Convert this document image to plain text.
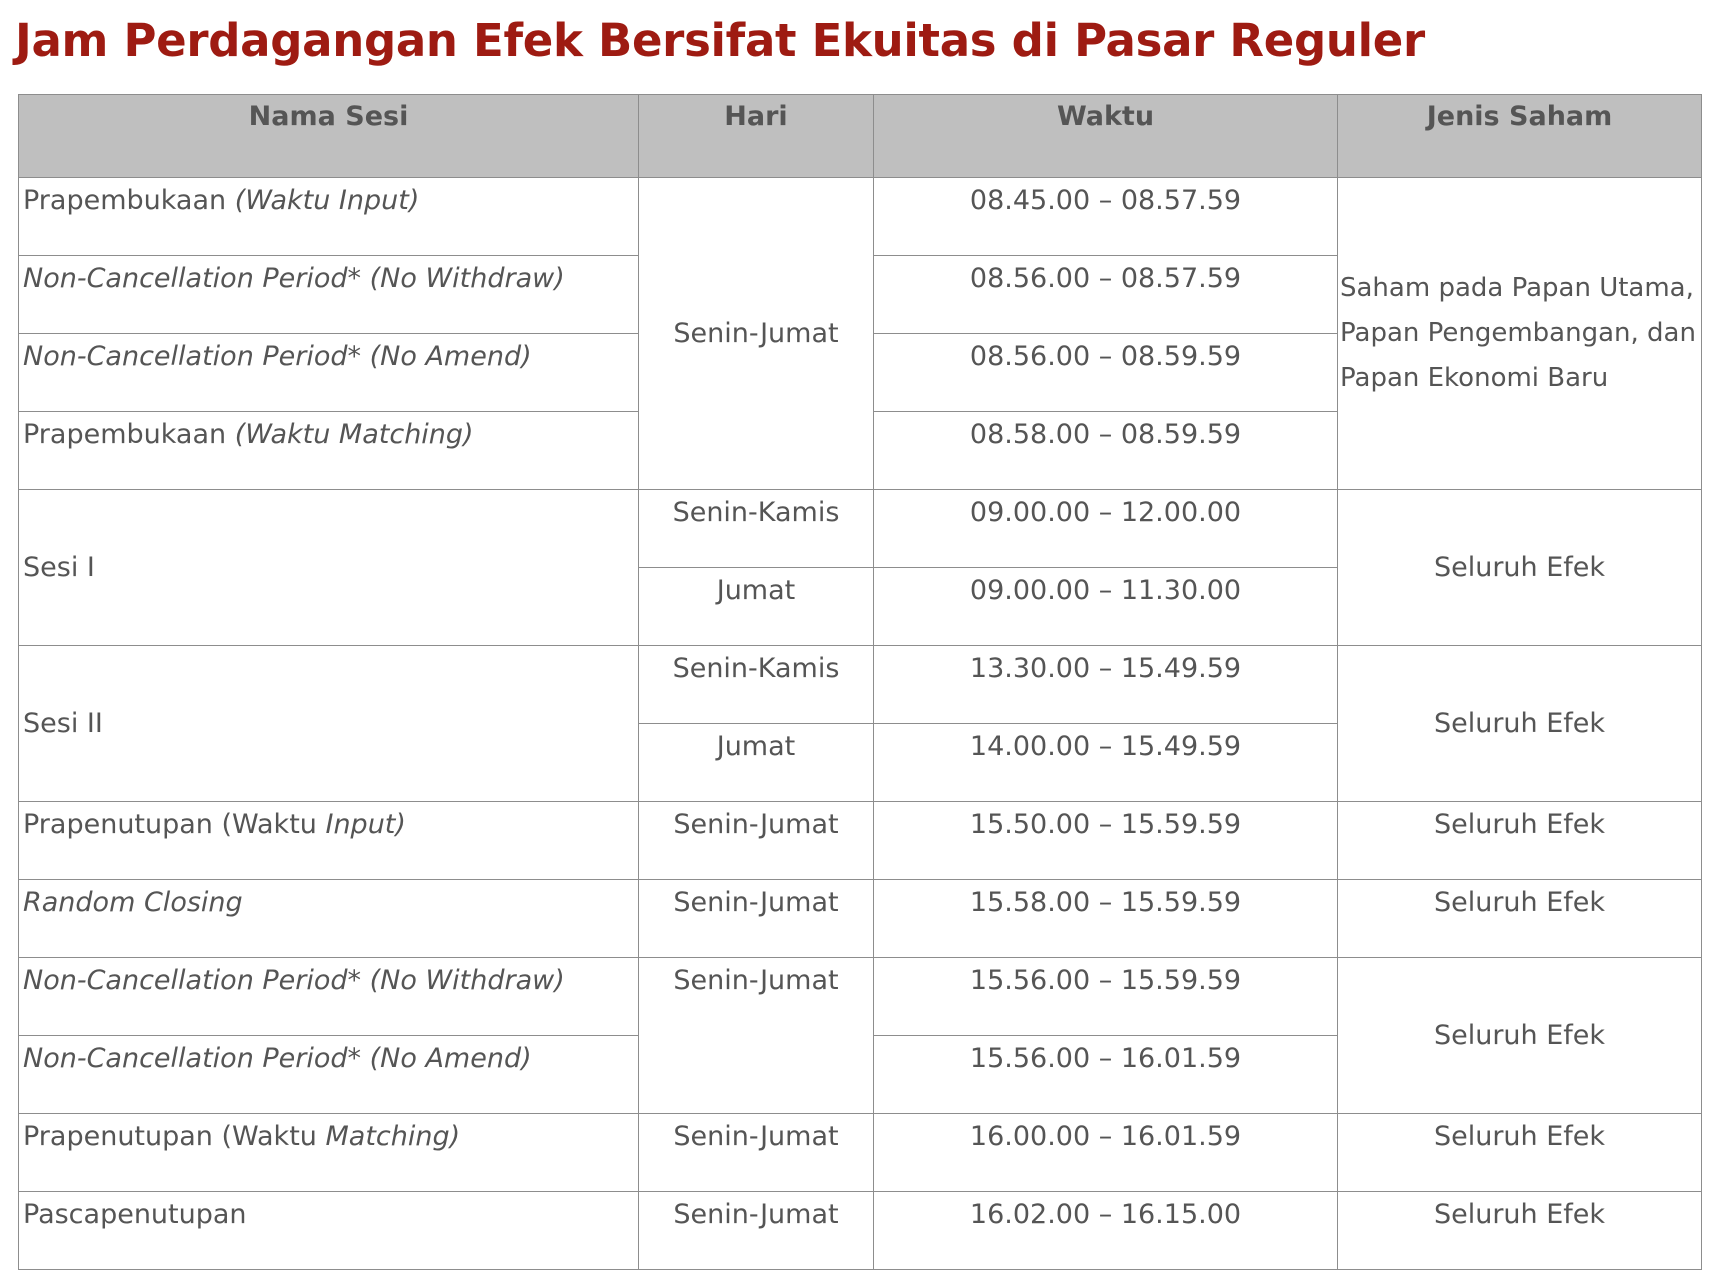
Jam Perdagangan Efek Bersifat Ekuitas di Pasar Reguler
Nama Sesi	Hari	Waktu	Jenis Saham
Prapembukaan (Waktu Input)	Senin-Jumat	08.45.00 – 08.57.59	Saham pada Papan Utama, Papan Pengembangan, dan Papan Ekonomi Baru
Non-Cancellation Period* (No Withdraw)		08.56.00 – 08.57.59	
Non-Cancellation Period* (No Amend)		08.56.00 – 08.59.59	
Prapembukaan (Waktu Matching)		08.58.00 – 08.59.59	
Sesi I	Senin-Kamis	09.00.00 – 12.00.00	Seluruh Efek
	Jumat	09.00.00 – 11.30.00	
Sesi II	Senin-Kamis	13.30.00 – 15.49.59	Seluruh Efek
	Jumat	14.00.00 – 15.49.59	
Prapenutupan (Waktu Input)	Senin-Jumat	15.50.00 – 15.59.59	Seluruh Efek
Random Closing	Senin-Jumat	15.58.00 – 15.59.59	Seluruh Efek
Non-Cancellation Period* (No Withdraw)	Senin-Jumat	15.56.00 – 15.59.59	Seluruh Efek
Non-Cancellation Period* (No Amend)		15.56.00 – 16.01.59	
Prapenutupan (Waktu Matching)	Senin-Jumat	16.00.00 – 16.01.59	Seluruh Efek
Pascapenutupan	Senin-Jumat	16.02.00 – 16.15.00	Seluruh Efek
